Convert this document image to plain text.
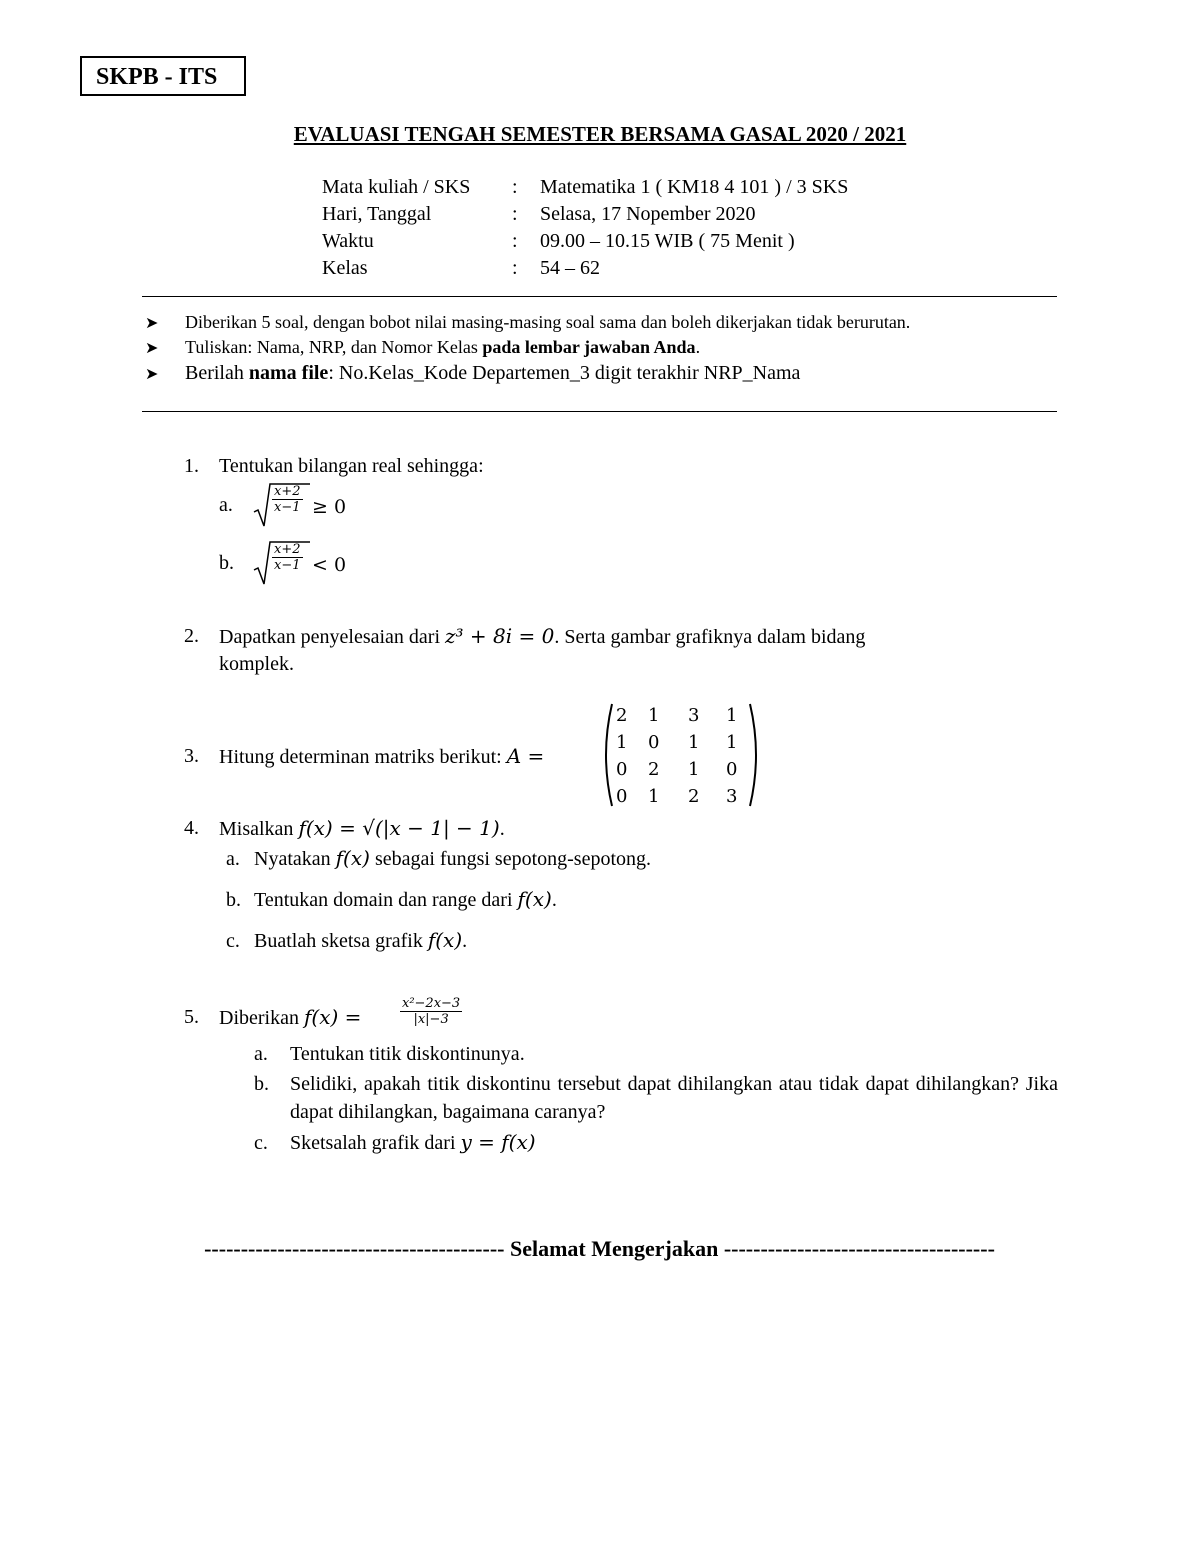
SKPB - ITS
EVALUASI TENGAH SEMESTER BERSAMA GASAL 2020 / 2021
Mata kuliah / SKS : Matematika 1 ( KM18 4 101 ) / 3 SKS
Hari, Tanggal	: Selasa, 17 Nopember 2020
Waktu	: 09.00 – 10.15 WIB ( 75 Menit )
Kelas	: 54 – 62
➤ Diberikan 5 soal, dengan bobot nilai masing-masing soal sama dan boleh dikerjakan tidak berurutan.
➤ Tuliskan: Nama, NRP, dan Nomor Kelas pada lembar jawaban Anda.
➤ Berilah nama file: No.Kelas_Kode Departemen_3 digit terakhir NRP_Nama
1. Tentukan bilangan real sehingga:
a.	$\frac{x+2}{x-1} \ge 0$
b.	$\frac{x+2}{x-1} < 0$
2. Dapatkan penyelesaian dari z³ + 8i = 0. Serta gambar grafiknya dalam bidang
komplek.
3. Hitung determinan matriks berikut: A =
2	1	3	1
1	0	1	1
0	2	1	0
0	1	2	3
4. Misalkan f(x) = √(|x − 1| − 1).
a. Nyatakan f(x) sebagai fungsi sepotong-sepotong.
b. Tentukan domain dan range dari f(x).
c. Buatlah sketsa grafik f(x).
5. Diberikan f(x) =	$\frac{\text{x²−2x−3}}{|x|-3}$
a. Tentukan titik diskontinunya.
b. Selidiki, apakah titik diskontinu tersebut dapat dihilangkan atau tidak dapat dihilangkan? Jika dapat dihilangkan, bagaimana caranya?
c. Sketsalah grafik dari y = f(x)
----------------------------------------- Selamat Mengerjakan -------------------------------------
